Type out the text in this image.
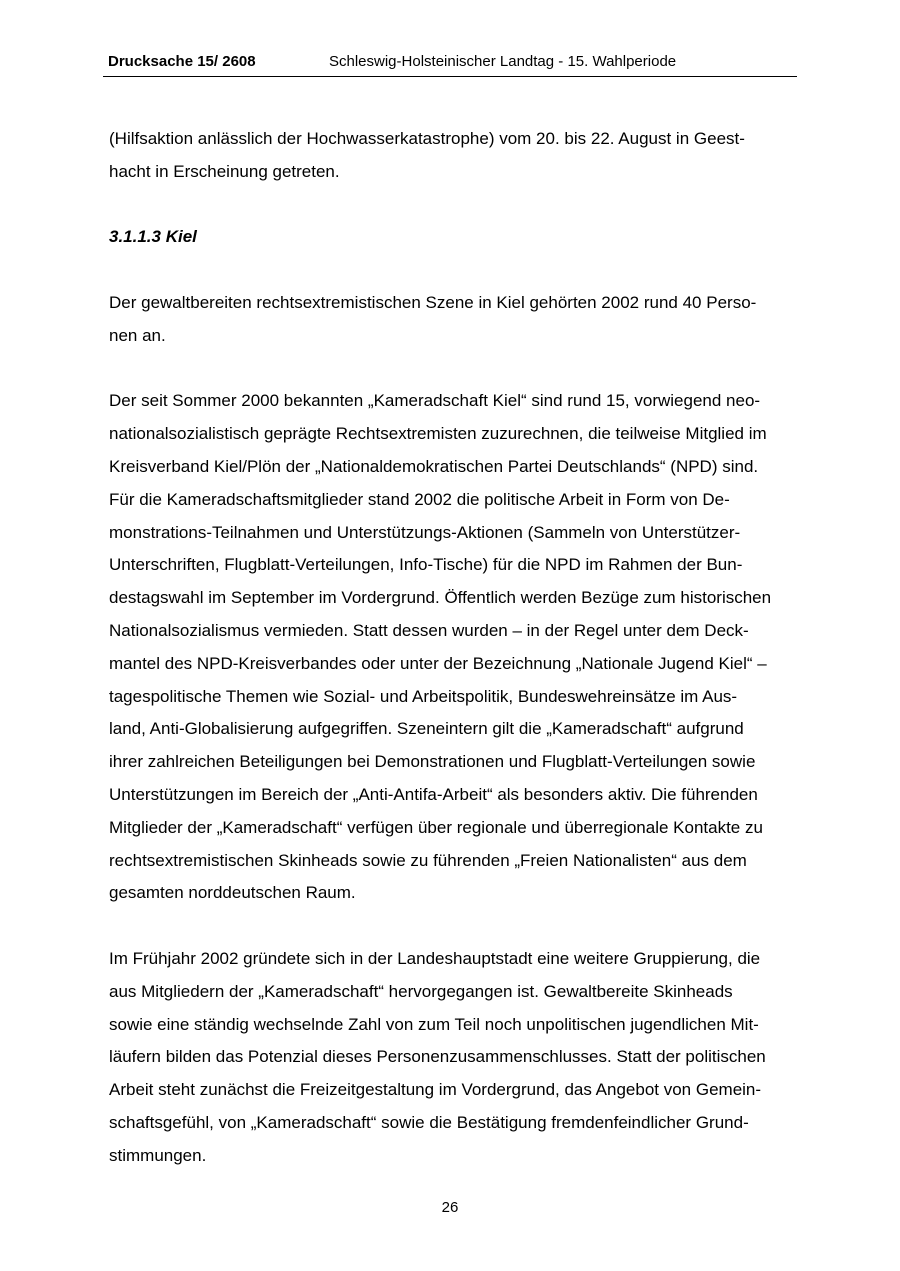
Drucksache 15/ 2608	Schleswig-Holsteinischer Landtag - 15. Wahlperiode

(Hilfsaktion anlässlich der Hochwasserkatastrophe) vom 20. bis 22. August in Geest-
hacht in Erscheinung getreten.

3.1.1.3 Kiel

Der gewaltbereiten rechtsextremistischen Szene in Kiel gehörten 2002 rund 40 Perso-
nen an.

Der seit Sommer 2000 bekannten „Kameradschaft Kiel“ sind rund 15, vorwiegend neo-
nationalsozialistisch geprägte Rechtsextremisten zuzurechnen, die teilweise Mitglied im
Kreisverband Kiel/Plön der „Nationaldemokratischen Partei Deutschlands“ (NPD) sind.
Für die Kameradschaftsmitglieder stand 2002 die politische Arbeit in Form von De-
monstrations-Teilnahmen und Unterstützungs-Aktionen (Sammeln von Unterstützer-
Unterschriften, Flugblatt-Verteilungen, Info-Tische) für die NPD im Rahmen der Bun-
destagswahl im September im Vordergrund. Öffentlich werden Bezüge zum historischen
Nationalsozialismus vermieden. Statt dessen wurden – in der Regel unter dem Deck-
mantel des NPD-Kreisverbandes oder unter der Bezeichnung „Nationale Jugend Kiel“ –
tagespolitische Themen wie Sozial- und Arbeitspolitik, Bundeswehreinsätze im Aus-
land, Anti-Globalisierung aufgegriffen. Szeneintern gilt die „Kameradschaft“ aufgrund
ihrer zahlreichen Beteiligungen bei Demonstrationen und Flugblatt-Verteilungen sowie
Unterstützungen im Bereich der „Anti-Antifa-Arbeit“ als besonders aktiv. Die führenden
Mitglieder der „Kameradschaft“ verfügen über regionale und überregionale Kontakte zu
rechtsextremistischen Skinheads sowie zu führenden „Freien Nationalisten“ aus dem
gesamten norddeutschen Raum.

Im Frühjahr 2002 gründete sich in der Landeshauptstadt eine weitere Gruppierung, die
aus Mitgliedern der „Kameradschaft“ hervorgegangen ist. Gewaltbereite Skinheads
sowie eine ständig wechselnde Zahl von zum Teil noch unpolitischen jugendlichen Mit-
läufern bilden das Potenzial dieses Personenzusammenschlusses. Statt der politischen
Arbeit steht zunächst die Freizeitgestaltung im Vordergrund, das Angebot von Gemein-
schaftsgefühl, von „Kameradschaft“ sowie die Bestätigung fremdenfeindlicher Grund-
stimmungen.

26
